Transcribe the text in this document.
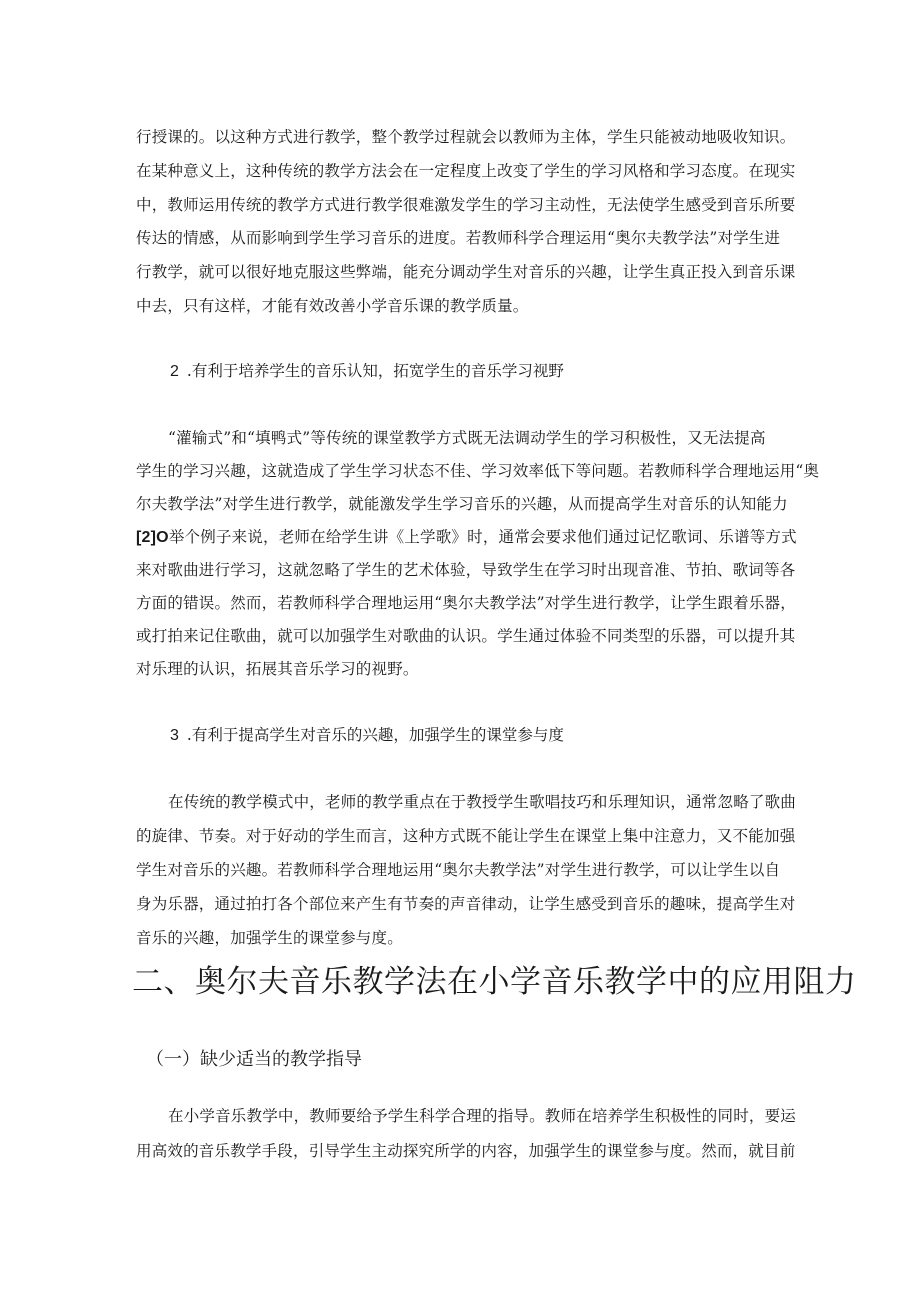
行授课的。以这种方式进行教学，整个教学过程就会以教师为主体，学生只能被动地吸收知识。
在某种意义上，这种传统的教学方法会在一定程度上改变了学生的学习风格和学习态度。在现实
中，教师运用传统的教学方式进行教学很难激发学生的学习主动性，无法使学生感受到音乐所要
传达的情感，从而影响到学生学习音乐的进度。若教师科学合理运用“奥尔夫教学法”对学生进
行教学，就可以很好地克服这些弊端，能充分调动学生对音乐的兴趣，让学生真正投入到音乐课
中去，只有这样，才能有效改善小学音乐课的教学质量。
2 .有利于培养学生的音乐认知，拓宽学生的音乐学习视野
“灌输式”和“填鸭式”等传统的课堂教学方式既无法调动学生的学习积极性，又无法提高
学生的学习兴趣，这就造成了学生学习状态不佳、学习效率低下等问题。若教师科学合理地运用“奥
尔夫教学法”对学生进行教学，就能激发学生学习音乐的兴趣，从而提高学生对音乐的认知能力
[2]O举个例子来说，老师在给学生讲《上学歌》时，通常会要求他们通过记忆歌词、乐谱等方式
来对歌曲进行学习，这就忽略了学生的艺术体验，导致学生在学习时出现音准、节拍、歌词等各
方面的错误。然而，若教师科学合理地运用“奥尔夫教学法”对学生进行教学，让学生跟着乐器，
或打拍来记住歌曲，就可以加强学生对歌曲的认识。学生通过体验不同类型的乐器，可以提升其
对乐理的认识，拓展其音乐学习的视野。
3 .有利于提高学生对音乐的兴趣，加强学生的课堂参与度
在传统的教学模式中，老师的教学重点在于教授学生歌唱技巧和乐理知识，通常忽略了歌曲
的旋律、节奏。对于好动的学生而言，这种方式既不能让学生在课堂上集中注意力，又不能加强
学生对音乐的兴趣。若教师科学合理地运用“奥尔夫教学法”对学生进行教学，可以让学生以自
身为乐器，通过拍打各个部位来产生有节奏的声音律动，让学生感受到音乐的趣味，提高学生对
音乐的兴趣，加强学生的课堂参与度。
二、奥尔夫音乐教学法在小学音乐教学中的应用阻力
（一）缺少适当的教学指导
在小学音乐教学中，教师要给予学生科学合理的指导。教师在培养学生积极性的同时，要运
用高效的音乐教学手段，引导学生主动探究所学的内容，加强学生的课堂参与度。然而，就目前
